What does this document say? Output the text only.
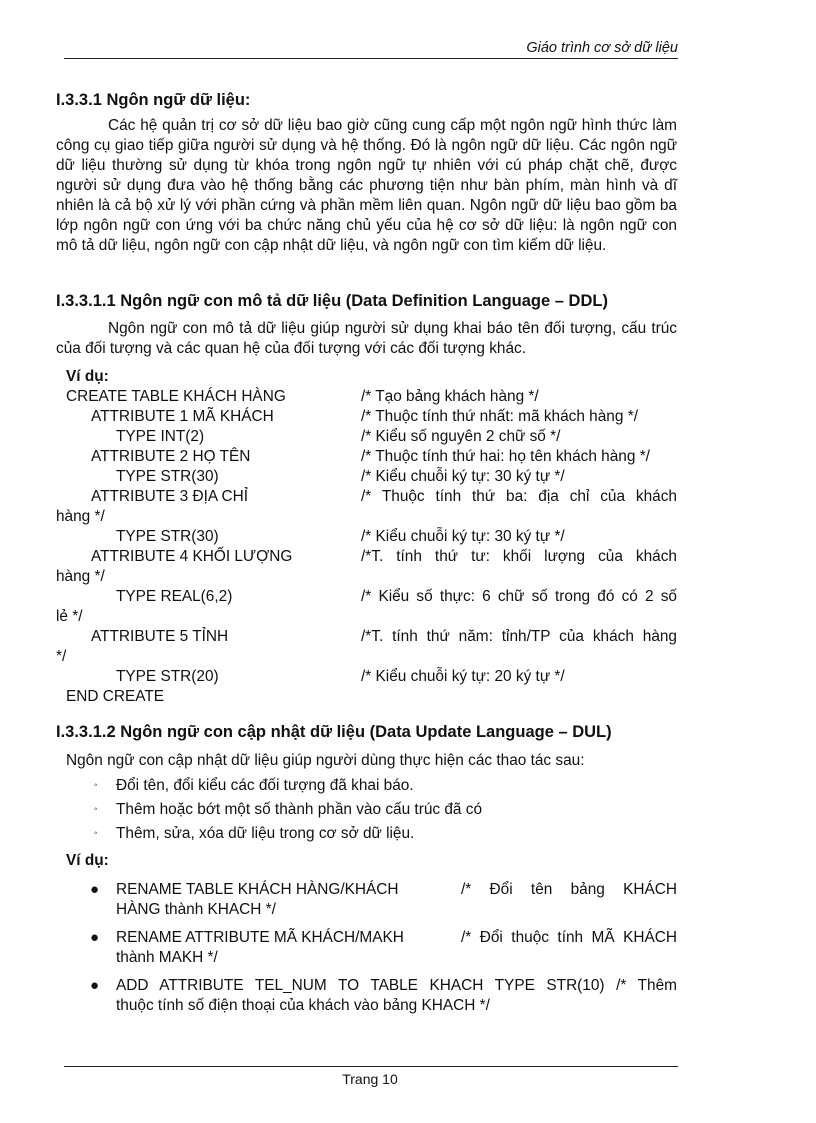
Giáo trình cơ sở dữ liệu
I.3.3.1 Ngôn ngữ dữ liệu:
Các hệ quản trị cơ sở dữ liệu bao giờ cũng cung cấp một ngôn ngữ hình thức làm công cụ giao tiếp giữa người sử dụng và hệ thống. Đó là ngôn ngữ dữ liệu. Các ngôn ngữ dữ liệu thường sử dụng từ khóa trong ngôn ngữ tự nhiên với cú pháp chặt chẽ, được người sử dụng đưa vào hệ thống bằng các phương tiện như bàn phím, màn hình và dĩ nhiên là cả bộ xử lý với phần cứng và phần mềm liên quan. Ngôn ngữ dữ liệu bao gồm ba lớp ngôn ngữ con ứng với ba chức năng chủ yếu của hệ cơ sở dữ liệu: là ngôn ngữ con mô tả dữ liệu, ngôn ngữ con cập nhật dữ liệu, và ngôn ngữ con tìm kiếm dữ liệu.
I.3.3.1.1 Ngôn ngữ con mô tả dữ liệu (Data Definition Language – DDL)
Ngôn ngữ con mô tả dữ liệu giúp người sử dụng khai báo tên đối tượng, cấu trúc của đối tượng và các quan hệ của đối tượng với các đối tượng khác.
Ví dụ:
CREATE TABLE KHÁCH HÀNG	/* Tạo bảng khách hàng */
ATTRIBUTE 1 MÃ KHÁCH	/* Thuộc tính thứ nhất: mã khách hàng */
TYPE INT(2)	/* Kiểu số nguyên 2 chữ số */
ATTRIBUTE 2 HỌ TÊN	/* Thuộc tính thứ hai: họ tên khách hàng */
TYPE STR(30)	/* Kiểu chuỗi ký tự: 30 ký tự */
ATTRIBUTE 3 ĐỊA CHỈ	/* Thuộc tính thứ ba: địa chỉ của khách
hàng */
TYPE STR(30)	/* Kiểu chuỗi ký tự: 30 ký tự */
ATTRIBUTE 4 KHỐI LƯỢNG	/*T. tính thứ tư: khối lượng của khách
hàng */
TYPE REAL(6,2)	/* Kiểu số thực: 6 chữ số trong đó có 2 số
lẻ */
ATTRIBUTE 5 TỈNH	/*T. tính thứ năm: tỉnh/TP của khách hàng
*/
TYPE STR(20)	/* Kiểu chuỗi ký tự: 20 ký tự */
END CREATE
I.3.3.1.2 Ngôn ngữ con cập nhật dữ liệu (Data Update Language – DUL)
Ngôn ngữ con cập nhật dữ liệu giúp người dùng thực hiện các thao tác sau:
◦ Đổi tên, đổi kiểu các đối tượng đã khai báo.
◦ Thêm hoặc bớt một số thành phần vào cấu trúc đã có
◦ Thêm, sửa, xóa dữ liệu trong cơ sở dữ liệu.
Ví dụ:
● RENAME TABLE KHÁCH HÀNG/KHÁCH	/* Đổi tên bảng KHÁCH
HÀNG thành KHACH */
● RENAME ATTRIBUTE MÃ KHÁCH/MAKH	/* Đổi thuộc tính MÃ KHÁCH
thành MAKH */
● ADD ATTRIBUTE TEL_NUM TO TABLE KHACH TYPE STR(10) /* Thêm
thuộc tính số điện thoại của khách vào bảng KHACH */
Trang 10
